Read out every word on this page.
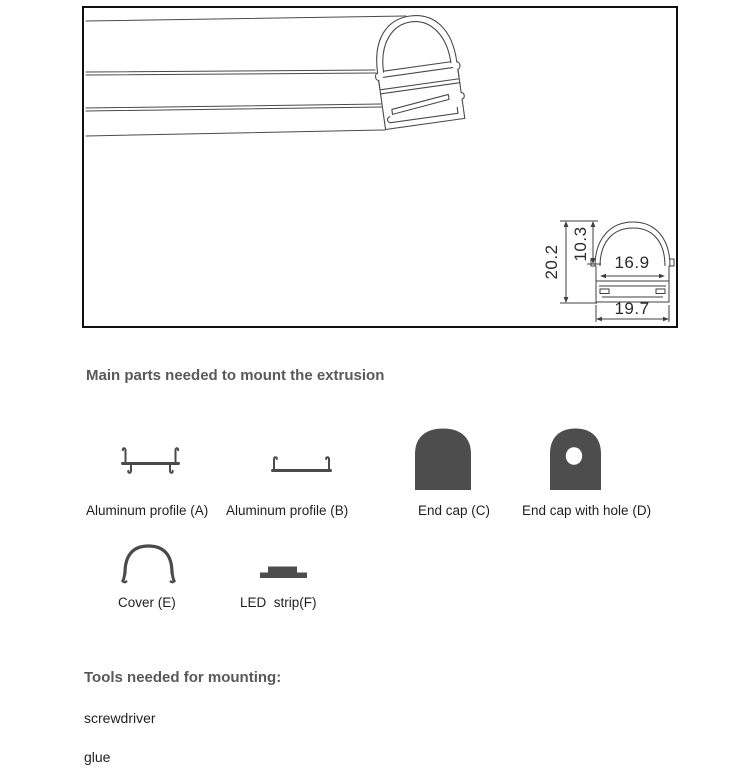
20.2
10.3
16.9
19.7
Main parts needed to mount the extrusion
Aluminum profile (A) Aluminum profile (B)	End cap (C) End cap with hole (D)
Cover (E)	LED  strip(F)
Tools needed for mounting:
screwdriver
glue
